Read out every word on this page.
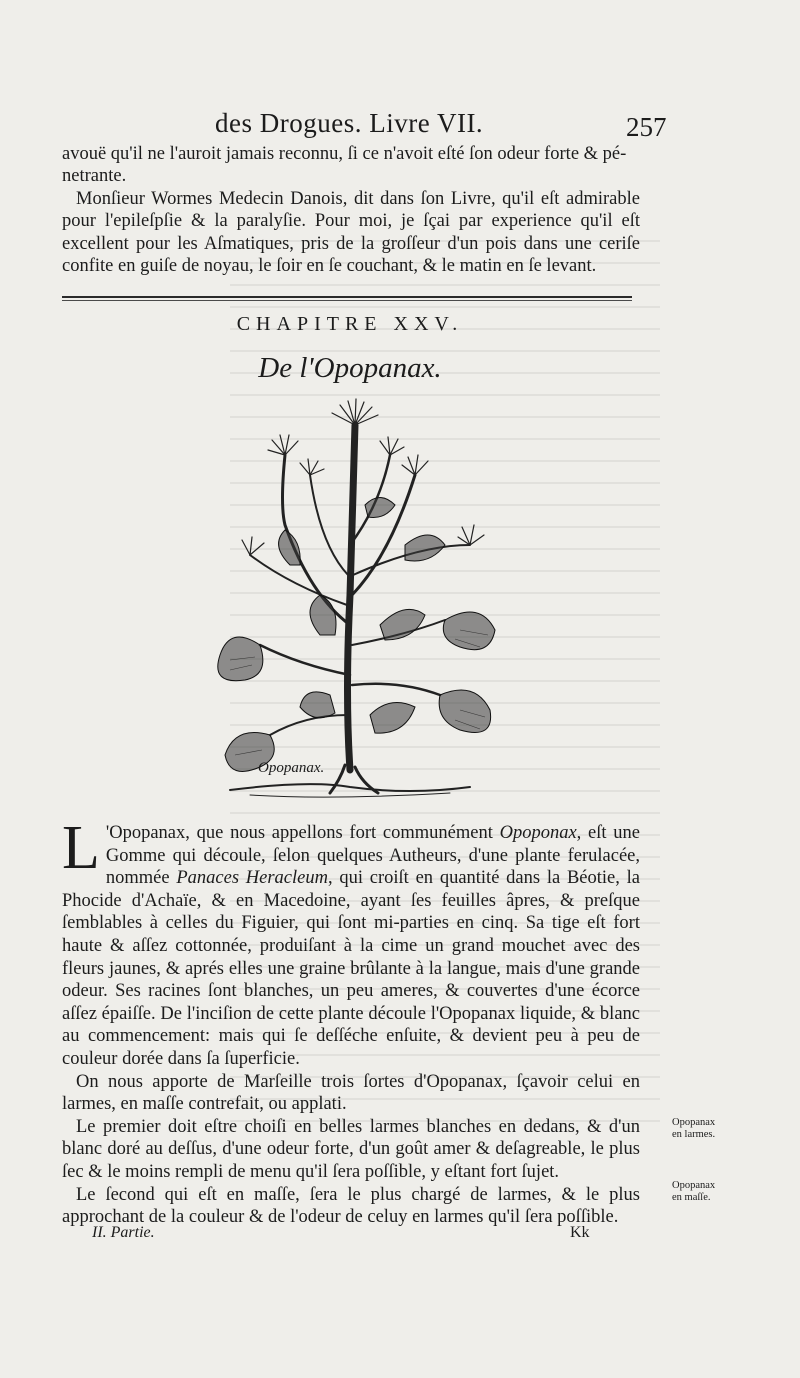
des Drogues. Livre VII.	257
avouë qu'il ne l'auroit jamais reconnu, ſi ce n'avoit eſté ſon odeur forte & pé-
netrante.
Monſieur Wormes Medecin Danois, dit dans ſon Livre, qu'il eſt admirable pour l'epileſpſie & la paralyſie. Pour moi, je ſçai par experience qu'il eſt excellent pour les Aſmatiques, pris de la groſſeur d'un pois dans une ceriſe confite en guiſe de noyau, le ſoir en ſe couchant, & le matin en ſe levant.
CHAPITRE XXV.
De l'Opopanax.
Opopanax.

L 'Opopanax, que nous appellons fort communément Opoponax, eſt une Gomme qui découle, ſelon quelques Autheurs, d'une plante ferulacée, nommée Panaces Heracleum, qui croiſt en quantité dans la Béotie, la Phocide d'Achaïe, & en Macedoine, ayant ſes feuilles âpres, & preſque ſemblables à celles du Figuier, qui ſont mi-parties en cinq. Sa tige eſt fort haute & aſſez cottonnée, produiſant à la cime un grand mouchet avec des fleurs jaunes, & aprés elles une graine brûlante à la langue, mais d'une grande odeur. Ses racines ſont blanches, un peu ameres, & couvertes d'une écorce aſſez épaiſſe. De l'inciſion de cette plante découle l'Opopanax liquide, & blanc au commencement: mais qui ſe deſſéche enſuite, & devient peu à peu de couleur dorée dans ſa ſuperficie.

On nous apporte de Marſeille trois ſortes d'Opopanax, ſçavoir celui en larmes, en maſſe contrefait, ou applati.

Le premier doit eſtre choiſi en belles larmes blanches en dedans, & d'un blanc doré au deſſus, d'une odeur forte, d'un goût amer & deſagreable, le plus ſec & le moins rempli de menu qu'il ſera poſſible, y eſtant fort ſujet.

Le ſecond qui eſt en maſſe, ſera le plus chargé de larmes, & le plus approchant de la couleur & de l'odeur de celuy en larmes qu'il ſera poſſible.

Opopanax
en larmes.
Opopanax
en maſſe.
II. Partie.	Kk
